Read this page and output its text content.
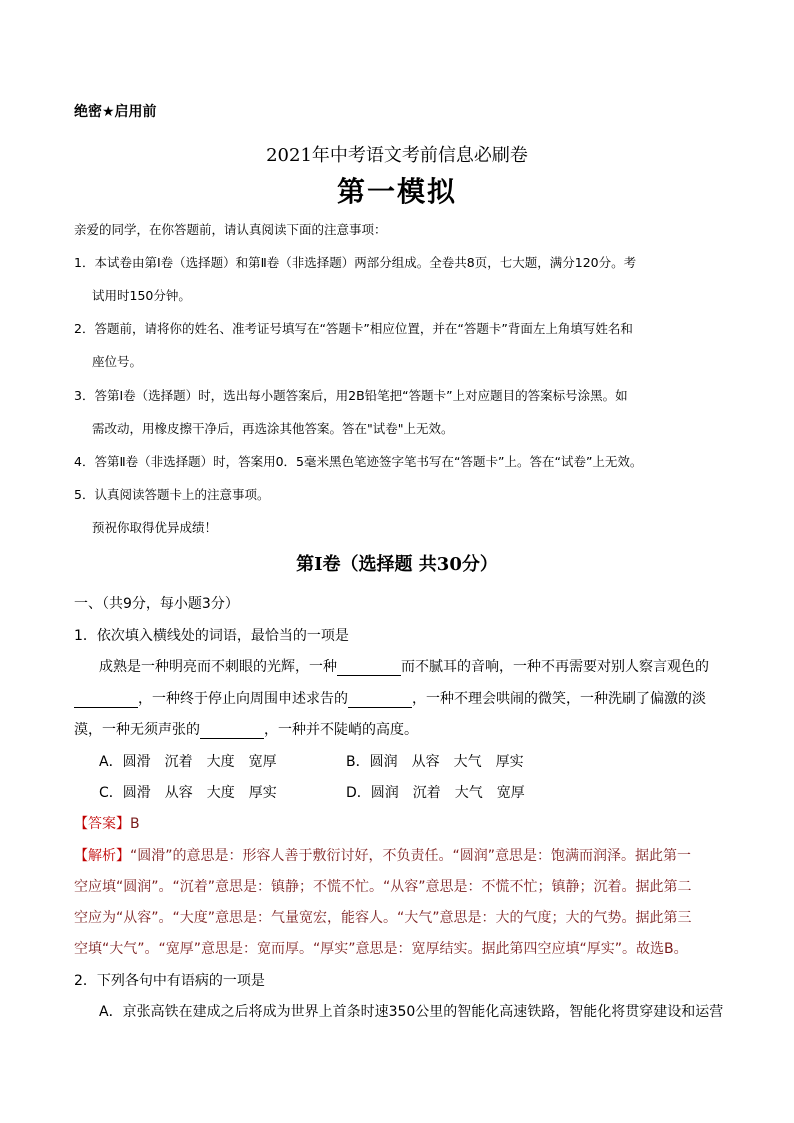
绝密★启用前
2021年中考语文考前信息必刷卷
第一模拟
亲爱的同学，在你答题前，请认真阅读下面的注意事项：
1．本试卷由第Ⅰ卷（选择题）和第Ⅱ卷（非选择题）两部分组成。全卷共8页，七大题，满分120分。考
试用时150分钟。
2．答题前，请将你的姓名、准考证号填写在“答题卡”相应位置，并在“答题卡”背面左上角填写姓名和
座位号。
3．答第Ⅰ卷（选择题）时，选出每小题答案后，用2B铅笔把“答题卡”上对应题目的答案标号涂黑。如
需改动，用橡皮擦干净后，再选涂其他答案。答在"试卷"上无效。
4．答第Ⅱ卷（非选择题）时，答案用0．5毫米黑色笔迹签字笔书写在“答题卡”上。答在“试卷”上无效。
5．认真阅读答题卡上的注意事项。
预祝你取得优异成绩！
第Ⅰ卷（选择题 共30分）
一、（共9分，每小题3分）
1．依次填入横线处的词语，最恰当的一项是
成熟是一种明亮而不刺眼的光辉，一种	而不腻耳的音响，一种不再需要对别人察言观色的
，一种终于停止向周围申述求告的	，一种不理会哄闹的微笑，一种洗刷了偏激的淡
漠，一种无须声张的	，一种并不陡峭的高度。
A．圆滑　沉着　大度　宽厚	B．圆润　从容　大气　厚实
C．圆滑　从容　大度　厚实	D．圆润　沉着　大气　宽厚
【答案】B
【解析】“圆滑”的意思是：形容人善于敷衍讨好，不负责任。“圆润”意思是：饱满而润泽。据此第一
空应填“圆润”。“沉着”意思是：镇静；不慌不忙。“从容”意思是：不慌不忙；镇静；沉着。据此第二
空应为“从容”。“大度”意思是：气量宽宏，能容人。“大气”意思是：大的气度；大的气势。据此第三
空填“大气”。“宽厚”意思是：宽而厚。“厚实”意思是：宽厚结实。据此第四空应填“厚实”。故选B。
2．下列各句中有语病的一项是
A．京张高铁在建成之后将成为世界上首条时速350公里的智能化高速铁路，智能化将贯穿建设和运营
